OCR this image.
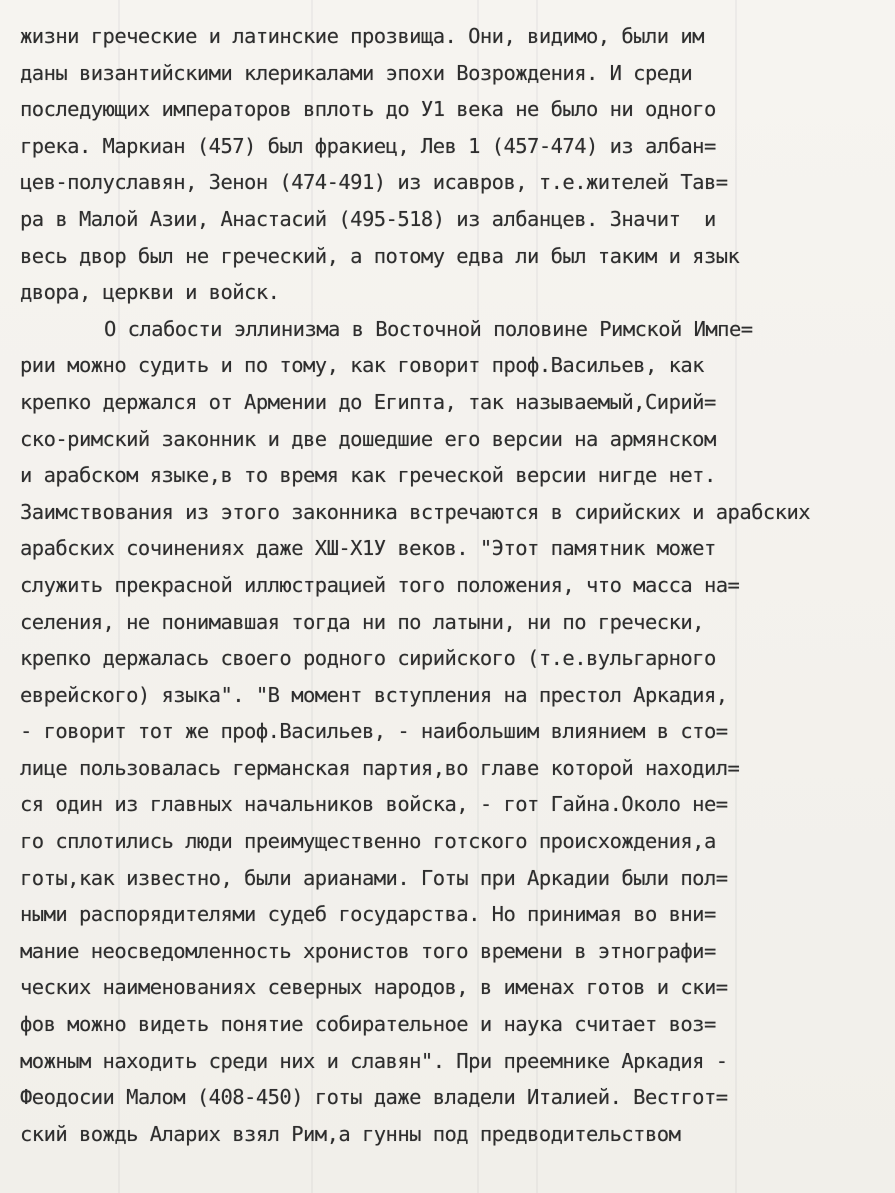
жизни греческие и латинские прозвища. Они, видимо, были им
даны византийскими клерикалами эпохи Возрождения. И среди
последующих императоров вплоть до У1 века не было ни одного
грека. Маркиан (457) был фракиец, Лев 1 (457-474) из албан=
цев-полуславян, Зенон (474-491) из исавров, т.е.жителей Тав=
ра в Малой Азии, Анастасий (495-518) из албанцев. Значит  и
весь двор был не греческий, а потому едва ли был таким и язык
двора, церкви и войск.
О слабости эллинизма в Восточной половине Римской Импе=
рии можно судить и по тому, как говорит проф.Васильев, как
крепко держался от Армении до Египта, так называемый,Сирий=
ско-римский законник и две дошедшие его версии на армянском
и арабском языке,в то время как греческой версии нигде нет.
Заимствования из этого законника встречаются в сирийских и арабских
арабских сочинениях даже XШ-Х1У веков. "Этот памятник может
служить прекрасной иллюстрацией того положения, что масса на=
селения, не понимавшая тогда ни по латыни, ни по гречески,
крепко держалась своего родного сирийского (т.е.вульгарного
еврейского) языка". "В момент вступления на престол Аркадия,
- говорит тот же проф.Васильев, - наибольшим влиянием в сто=
лице пользовалась германская партия,во главе которой находил=
ся один из главных начальников войска, - гот Гайна.Около не=
го сплотились люди преимущественно готского происхождения,а
готы,как известно, были арианами. Готы при Аркадии были пол=
ными распорядителями судеб государства. Но принимая во вни=
мание неосведомленность хронистов того времени в этнографи=
ческих наименованиях северных народов, в именах готов и ски=
фов можно видеть понятие собирательное и наука считает воз=
можным находить среди них и славян". При преемнике Аркадия -
Феодосии Малом (408-450) готы даже владели Италией. Вестгот=
ский вождь Аларих взял Рим,а гунны под предводительством
